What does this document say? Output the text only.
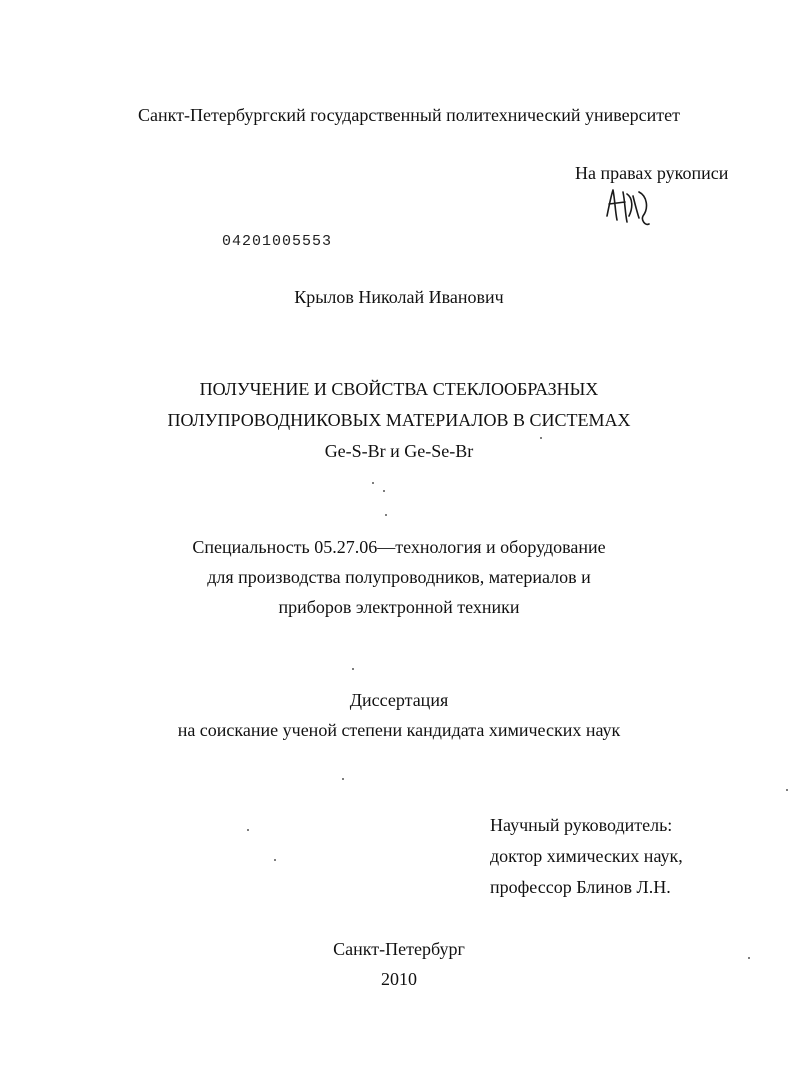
Санкт-Петербургский государственный политехнический университет
На правах рукописи
04201005553
Крылов Николай Иванович
ПОЛУЧЕНИЕ И СВОЙСТВА СТЕКЛООБРАЗНЫХ
ПОЛУПРОВОДНИКОВЫХ МАТЕРИАЛОВ В СИСТЕМАХ
Ge-S-Br и Ge-Se-Br
Специальность 05.27.06—технология и оборудование
для производства полупроводников, материалов и
приборов электронной техники
Диссертация
на соискание ученой степени кандидата химических наук
Научный руководитель:
доктор химических наук,
профессор Блинов Л.Н.
Санкт-Петербург
2010
